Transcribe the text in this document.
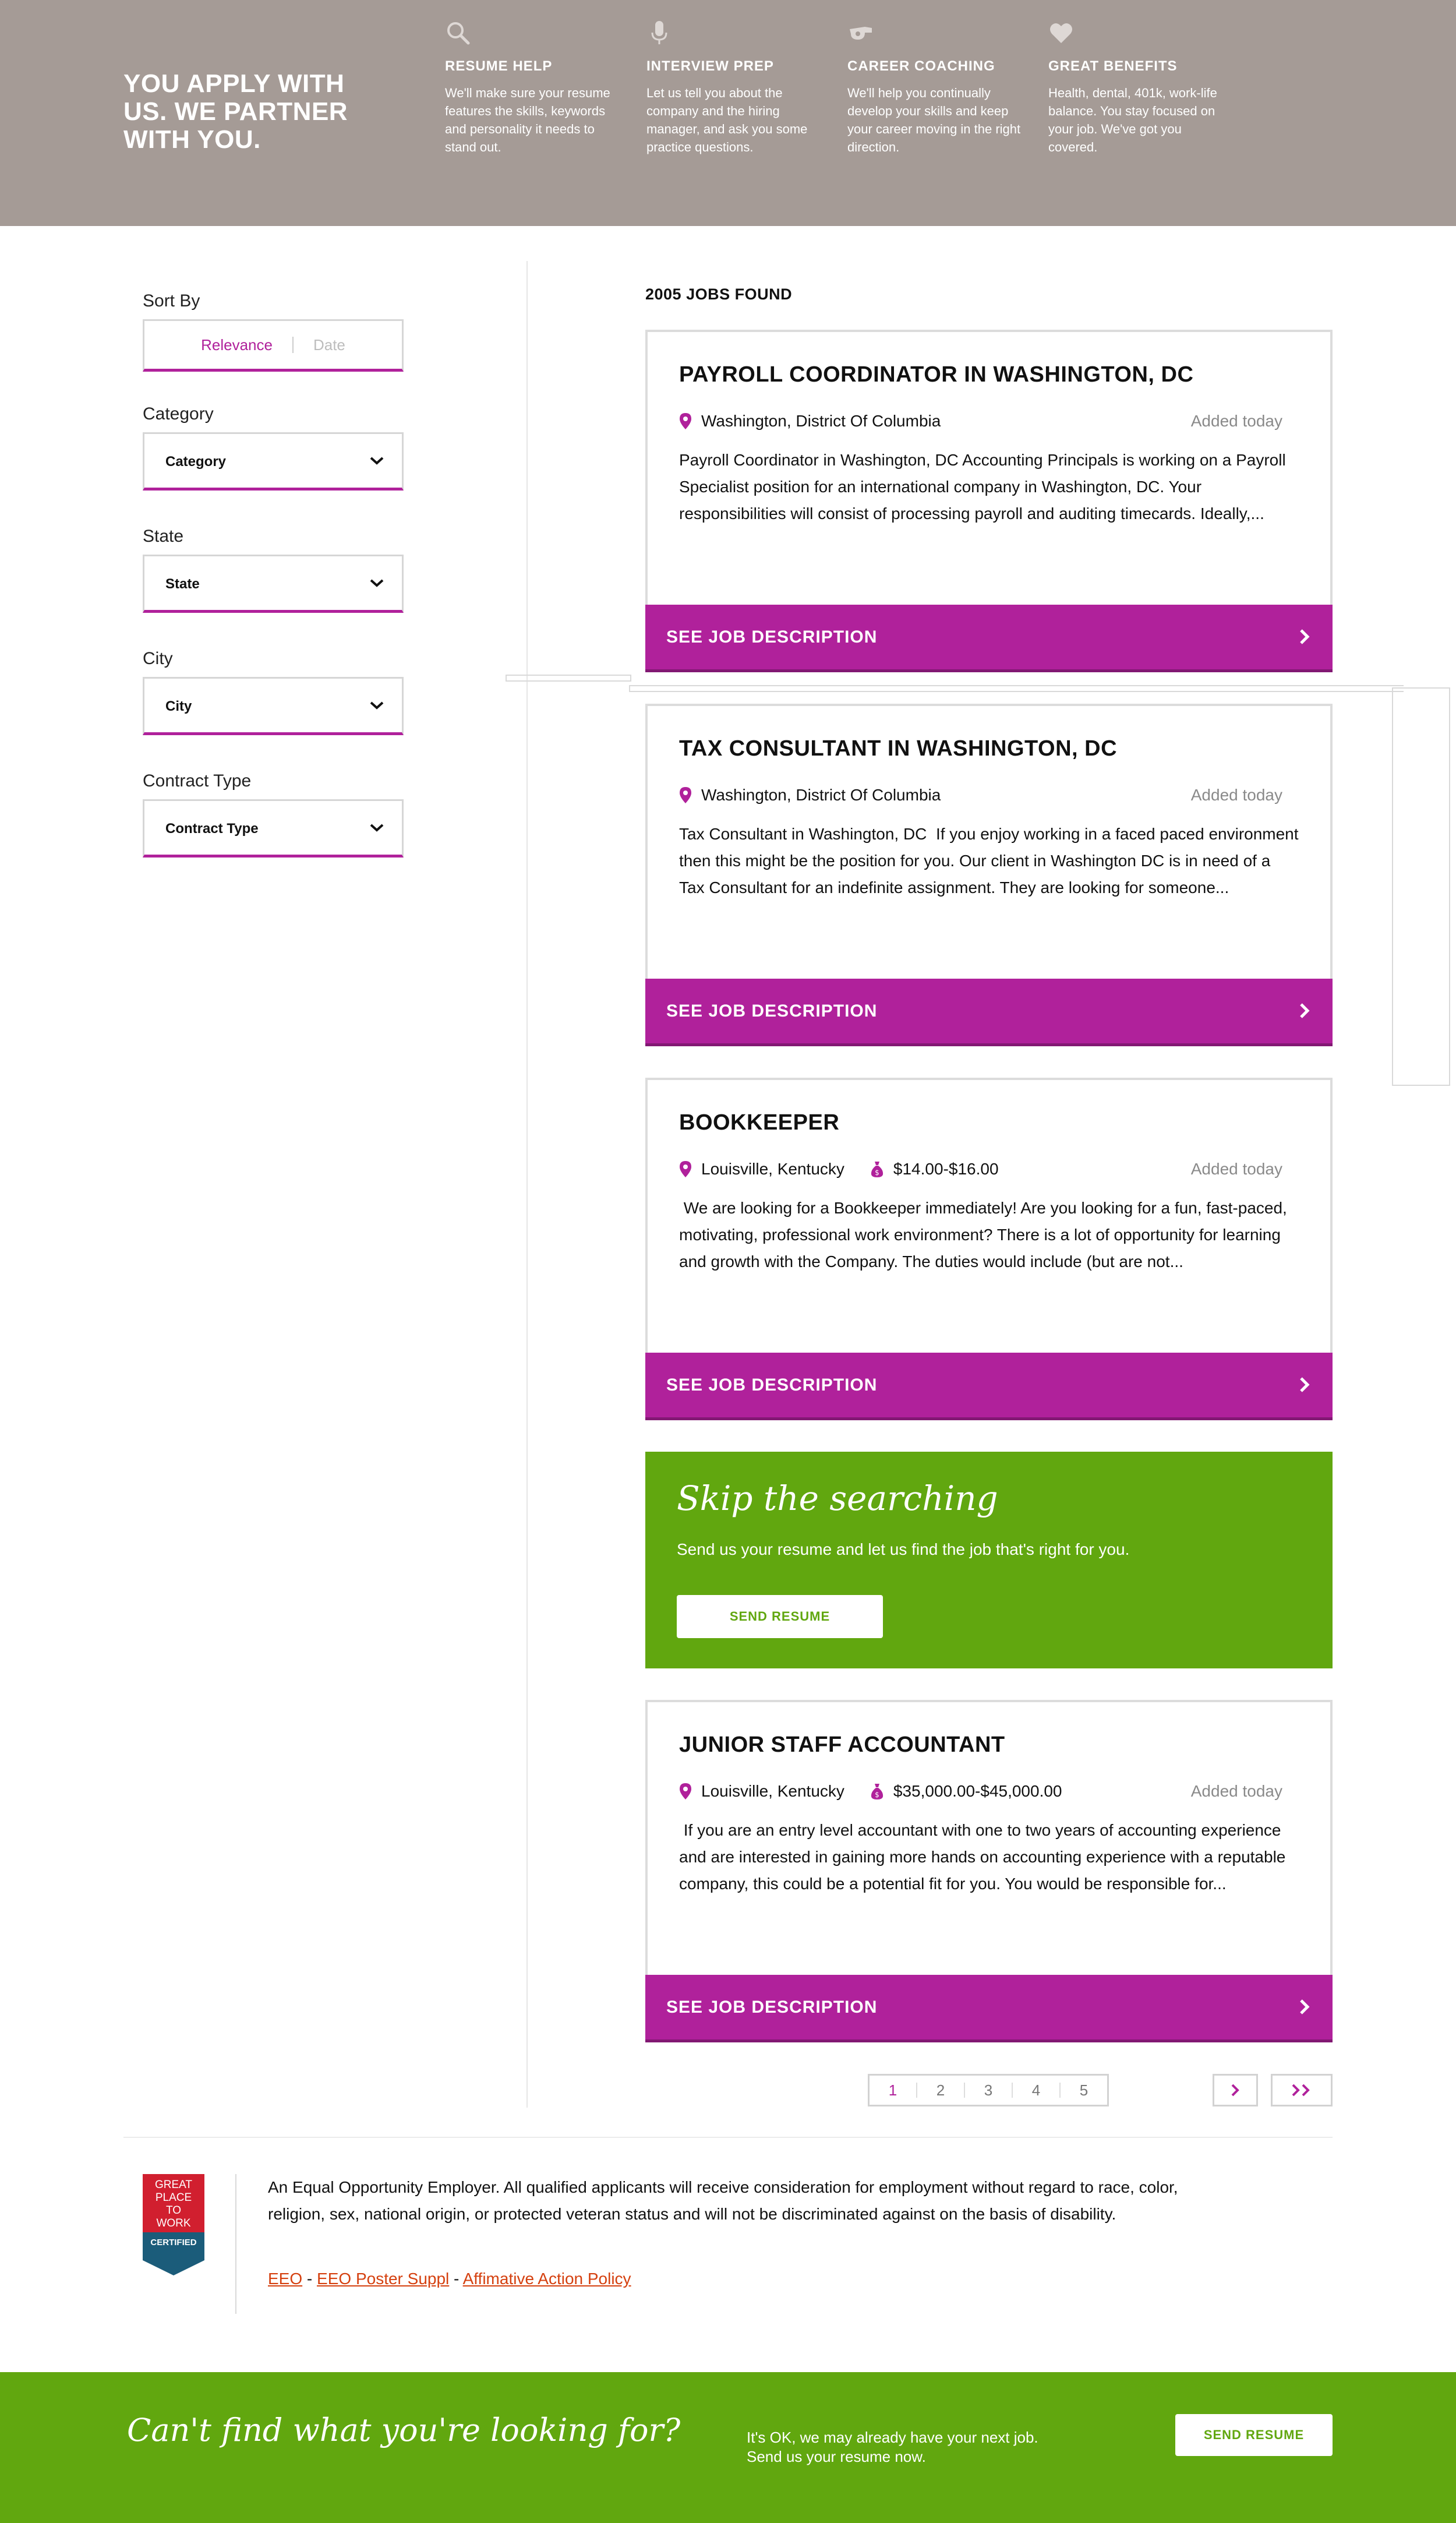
YOU APPLY WITH US. WE PARTNER WITH YOU.
RESUME HELP
We'll make sure your resume features the skills, keywords and personality it needs to stand out.
INTERVIEW PREP
Let us tell you about the company and the hiring manager, and ask you some practice questions.
CAREER COACHING
We'll help you continually develop your skills and keep your career moving in the right direction.
GREAT BENEFITS
Health, dental, 401k, work-life balance. You stay focused on your job. We've got you covered.
Sort By
Relevance	Date
Category
Category
State
State
City
City
Contract Type
Contract Type
2005 JOBS FOUND
PAYROLL COORDINATOR IN WASHINGTON, DC
Washington, District Of Columbia	Added today
Payroll Coordinator in Washington, DC Accounting Principals is working on a Payroll Specialist position for an international company in Washington, DC. Your responsibilities will consist of processing payroll and auditing timecards. Ideally,...
SEE JOB DESCRIPTION
TAX CONSULTANT IN WASHINGTON, DC
Washington, District Of Columbia	Added today
Tax Consultant in Washington, DC  If you enjoy working in a faced paced environment then this might be the position for you. Our client in Washington DC is in need of a Tax Consultant for an indefinite assignment. They are looking for someone...
SEE JOB DESCRIPTION
BOOKKEEPER
Louisville, Kentucky	$ $14.00-$16.00	Added today
We are looking for a Bookkeeper immediately! Are you looking for a fun, fast-paced, motivating, professional work environment? There is a lot of opportunity for learning and growth with the Company. The duties would include (but are not...
SEE JOB DESCRIPTION
Skip the searching
Send us your resume and let us find the job that's right for you.
SEND RESUME
JUNIOR STAFF ACCOUNTANT
Louisville, Kentucky	$ $35,000.00-$45,000.00	Added today
If you are an entry level accountant with one to two years of accounting experience and are interested in gaining more hands on accounting experience with a reputable company, this could be a potential fit for you. You would be responsible for...
SEE JOB DESCRIPTION
1	2	3	4	5
GREAT
PLACE
TO
WORK
CERTIFIED
An Equal Opportunity Employer. All qualified applicants will receive consideration for employment without regard to race, color, religion, sex, national origin, or protected veteran status and will not be discriminated against on the basis of disability.
EEO - EEO Poster Suppl - Affimative Action Policy
Can't find what you're looking for?	It's OK, we may already have your next job.
Send us your resume now.
SEND RESUME
